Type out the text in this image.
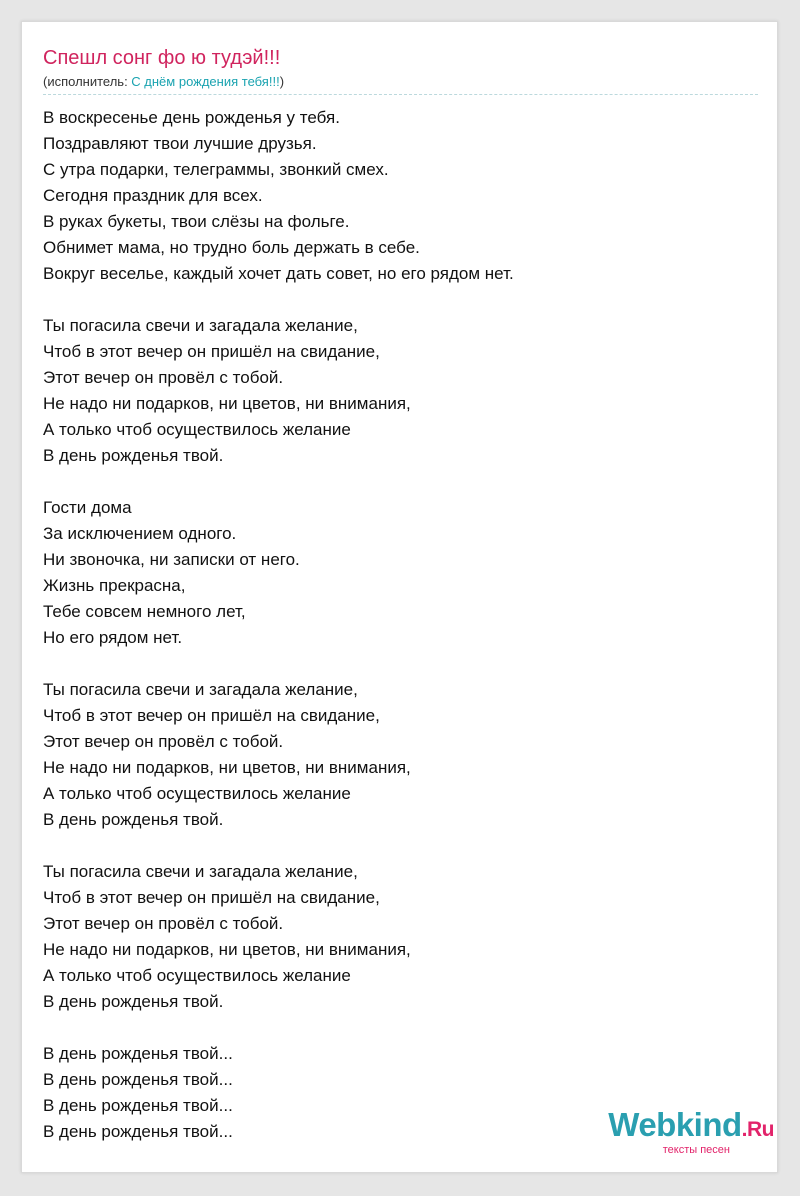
Спешл сонг фо ю тудэй!!!
(исполнитель: С днём рождения тебя!!!)
В воскресенье день рожденья у тебя.
Поздравляют твои лучшие друзья.
С утра подарки, телеграммы, звонкий смех.
Сегодня праздник для всех.
В руках букеты, твои слёзы на фольге.
Обнимет мама, но трудно боль держать в себе.
Вокруг веселье, каждый хочет дать совет, но его рядом нет.
Ты погасила свечи и загадала желание,
Чтоб в этот вечер он пришёл на свидание,
Этот вечер он провёл с тобой.
Не надо ни подарков, ни цветов, ни внимания,
А только чтоб осуществилось желание
В день рожденья твой.
Гости дома
За исключением одного.
Ни звоночка, ни записки от него.
Жизнь прекрасна,
Тебе совсем немного лет,
Но его рядом нет.
Ты погасила свечи и загадала желание,
Чтоб в этот вечер он пришёл на свидание,
Этот вечер он провёл с тобой.
Не надо ни подарков, ни цветов, ни внимания,
А только чтоб осуществилось желание
В день рожденья твой.
Ты погасила свечи и загадала желание,
Чтоб в этот вечер он пришёл на свидание,
Этот вечер он провёл с тобой.
Не надо ни подарков, ни цветов, ни внимания,
А только чтоб осуществилось желание
В день рожденья твой.
В день рожденья твой...
В день рожденья твой...
В день рожденья твой...
В день рожденья твой...	Webkind.Ru
тексты песен
